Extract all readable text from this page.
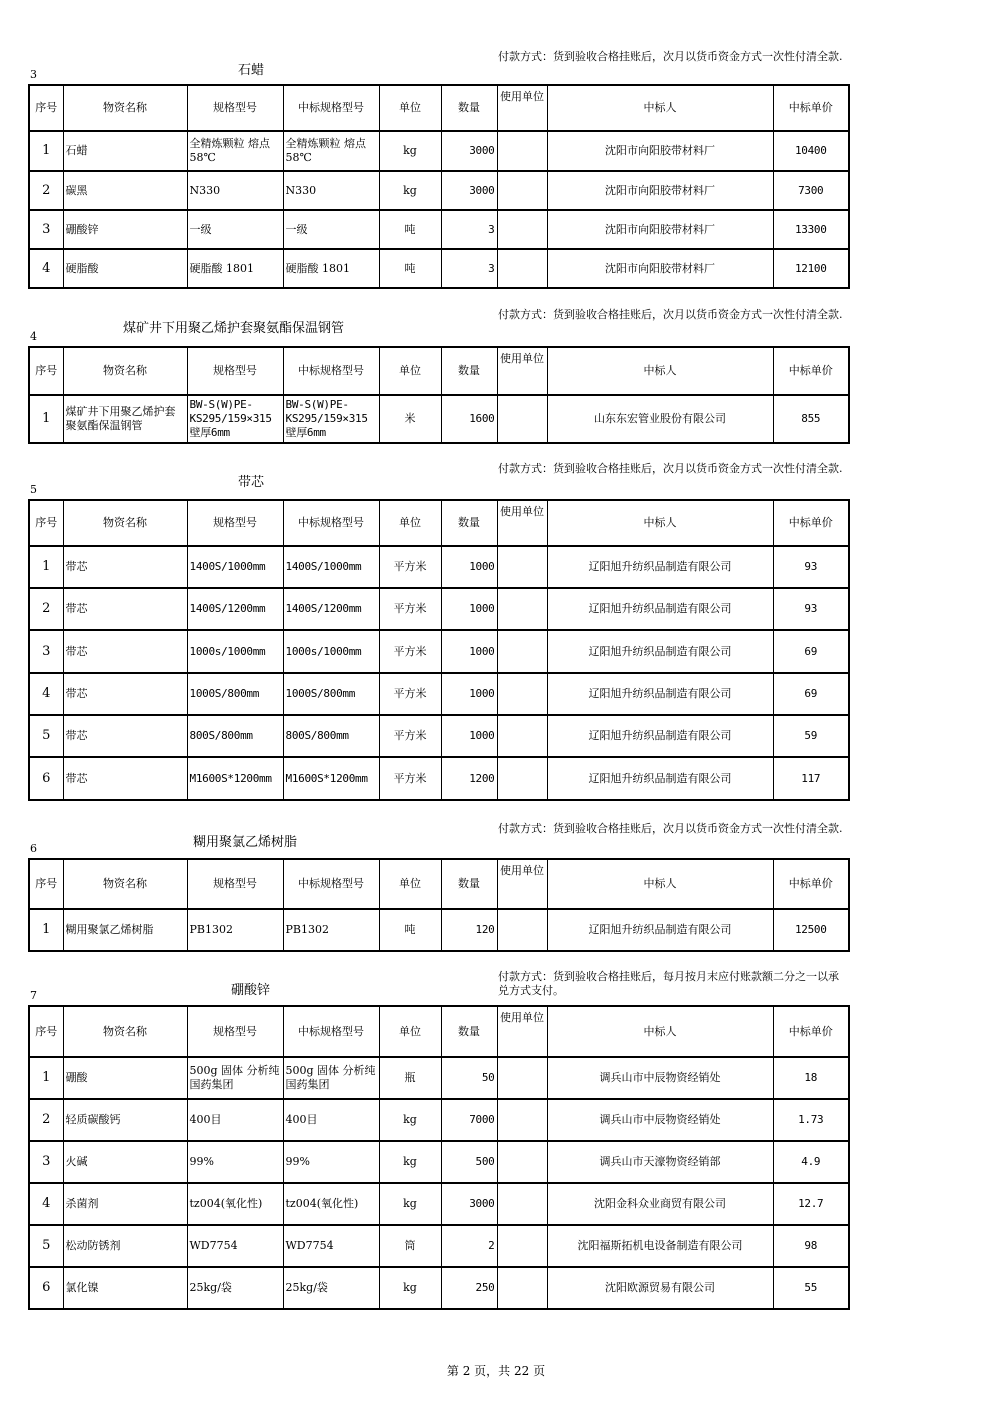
3	石蜡
付款方式：货到验收合格挂账后，次月以货币资金方式一次性付清全款.
序号	物资名称	规格型号	中标规格型号	单位	数量	使用单位	中标人	中标单价
1	石蜡	全精炼颗粒 熔点58℃	全精炼颗粒 熔点58℃	kg	3000		沈阳市向阳胶带材料厂	10400
2	碳黑	N330	N330	kg	3000		沈阳市向阳胶带材料厂	7300
3	硼酸锌	一级	一级	吨	3		沈阳市向阳胶带材料厂	13300
4	硬脂酸	硬脂酸 1801	硬脂酸 1801	吨	3		沈阳市向阳胶带材料厂	12100
4
煤矿井下用聚乙烯护套聚氨酯保温钢管
付款方式：货到验收合格挂账后，次月以货币资金方式一次性付清全款.
序号	物资名称	规格型号	中标规格型号	单位	数量	使用单位	中标人	中标单价
1	煤矿井下用聚乙烯护套聚氨酯保温钢管	BW-S(W)PE-KS295/159×315壁厚6mm	BW-S(W)PE-KS295/159×315壁厚6mm	米	1600		山东东宏管业股份有限公司	855
5	带芯
付款方式：货到验收合格挂账后，次月以货币资金方式一次性付清全款.
序号	物资名称	规格型号	中标规格型号	单位	数量	使用单位	中标人	中标单价
1	带芯	1400S/1000mm	1400S/1000mm	平方米	1000		辽阳旭升纺织品制造有限公司	93
2	带芯	1400S/1200mm	1400S/1200mm	平方米	1000		辽阳旭升纺织品制造有限公司	93
3	带芯	1000s/1000mm	1000s/1000mm	平方米	1000		辽阳旭升纺织品制造有限公司	69
4	带芯	1000S/800mm	1000S/800mm	平方米	1000		辽阳旭升纺织品制造有限公司	69
5	带芯	800S/800mm	800S/800mm	平方米	1000		辽阳旭升纺织品制造有限公司	59
6	带芯	M1600S*1200mm	M1600S*1200mm	平方米	1200		辽阳旭升纺织品制造有限公司	117
6	糊用聚氯乙烯树脂
付款方式：货到验收合格挂账后，次月以货币资金方式一次性付清全款.
序号	物资名称	规格型号	中标规格型号	单位	数量	使用单位	中标人	中标单价
1	糊用聚氯乙烯树脂	PB1302	PB1302	吨	120		辽阳旭升纺织品制造有限公司	12500
7	硼酸锌
付款方式：货到验收合格挂账后，每月按月末应付账款额二分之一以承兑方式支付。
序号	物资名称	规格型号	中标规格型号	单位	数量	使用单位	中标人	中标单价
1	硼酸	500g 固体 分析纯 国药集团	500g 固体 分析纯 国药集团	瓶	50		调兵山市中辰物资经销处	18
2	轻质碳酸钙	400目	400目	kg	7000		调兵山市中辰物资经销处	1.73
3	火碱	99%	99%	kg	500		调兵山市天濠物资经销部	4.9
4	杀菌剂	tz004(氧化性)	tz004(氧化性)	kg	3000		沈阳金科众业商贸有限公司	12.7
5	松动防锈剂	WD7754	WD7754	筒	2		沈阳福斯拓机电设备制造有限公司	98
6	氯化镍	25kg/袋	25kg/袋	kg	250		沈阳欧源贸易有限公司	55
第 2 页，共 22 页
